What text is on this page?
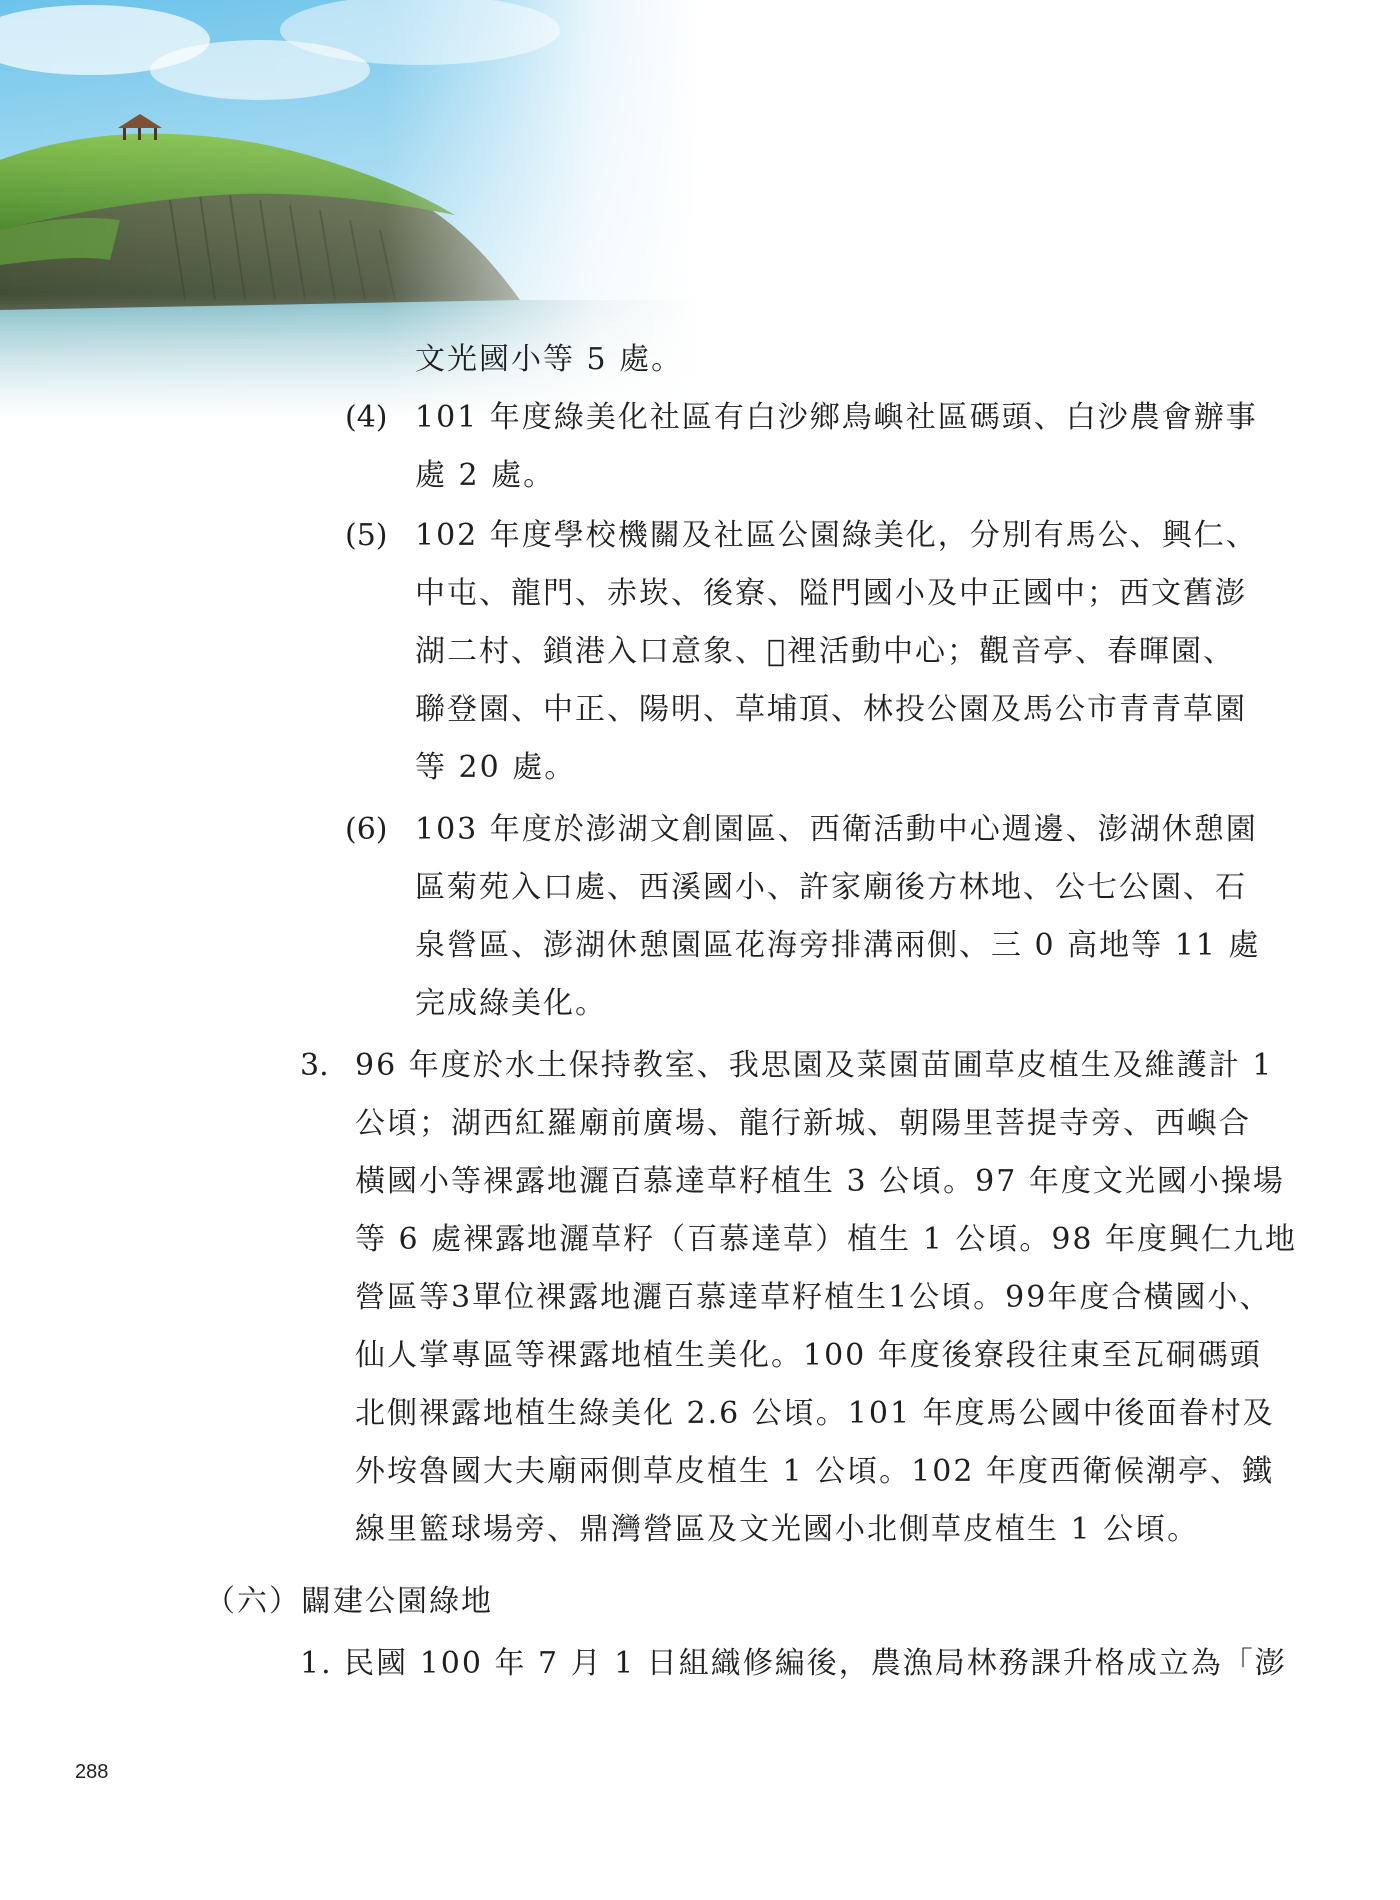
文光國小等 5 處。
(4) 101 年度綠美化社區有白沙鄉鳥嶼社區碼頭、白沙農會辦事
處 2 處。
(5) 102 年度學校機關及社區公園綠美化，分別有馬公、興仁、
中屯、龍門、赤崁、後寮、隘門國小及中正國中；西文舊澎
湖二村、鎖港入口意象、𡶛裡活動中心；觀音亭、春暉園、
聯登園、中正、陽明、草埔頂、林投公園及馬公市青青草園
等 20 處。
(6) 103 年度於澎湖文創園區、西衛活動中心週邊、澎湖休憩園
區菊苑入口處、西溪國小、許家廟後方林地、公七公園、石
泉營區、澎湖休憩園區花海旁排溝兩側、三 0 高地等 11 處
完成綠美化。
3. 96 年度於水土保持教室、我思園及菜園苗圃草皮植生及維護計 1
公頃；湖西紅羅廟前廣場、龍行新城、朝陽里菩提寺旁、西嶼合
橫國小等裸露地灑百慕達草籽植生 3 公頃。97 年度文光國小操場
等 6 處裸露地灑草籽（百慕達草）植生 1 公頃。98 年度興仁九地
營區等3單位裸露地灑百慕達草籽植生1公頃。99年度合橫國小、
仙人掌專區等裸露地植生美化。100 年度後寮段往東至瓦硐碼頭
北側裸露地植生綠美化 2.6 公頃。101 年度馬公國中後面眷村及
外垵魯國大夫廟兩側草皮植生 1 公頃。102 年度西衛候潮亭、鐵
線里籃球場旁、鼎灣營區及文光國小北側草皮植生 1 公頃。
（六）闢建公園綠地
1. 民國 100 年 7 月 1 日組織修編後，農漁局林務課升格成立為「澎
288
